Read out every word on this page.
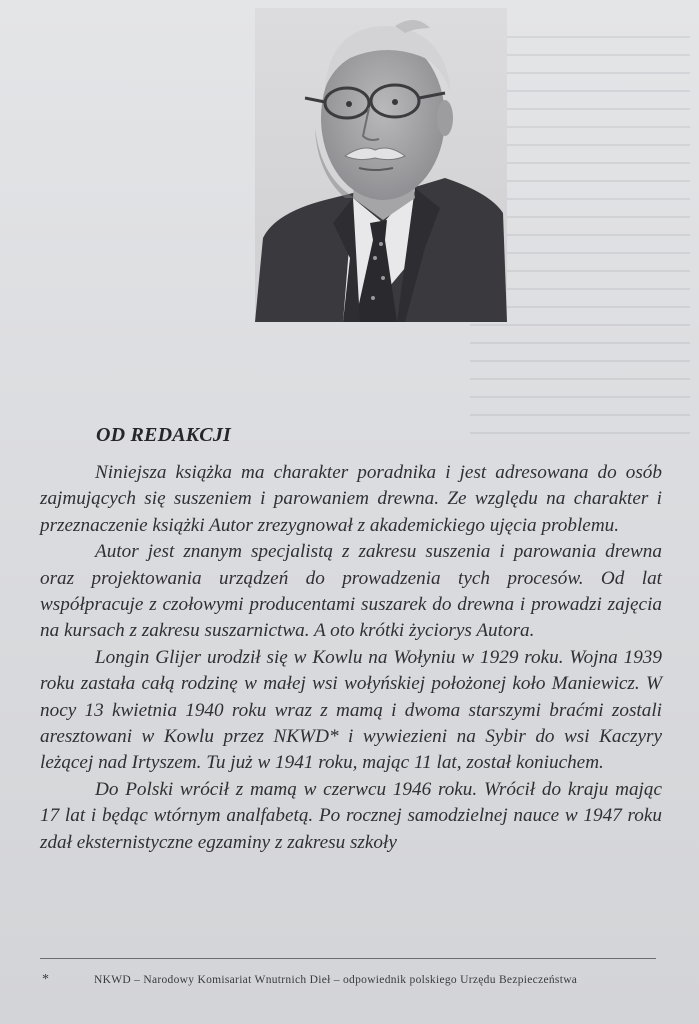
OD REDAKCJI

Niniejsza książka ma charakter poradnika i jest adresowana do osób zajmujących się suszeniem i parowaniem drewna. Ze względu na charakter i przeznaczenie książki Autor zrezygnował z akademickiego ujęcia problemu.

Autor jest znanym specjalistą z zakresu suszenia i parowania drewna oraz projektowania urządzeń do prowadzenia tych procesów. Od lat współpracuje z czołowymi producentami suszarek do drewna i prowadzi zajęcia na kursach z zakresu suszarnictwa. A oto krótki życiorys Autora.

Longin Glijer urodził się w Kowlu na Wołyniu w 1929 roku. Wojna 1939 roku zastała całą rodzinę w małej wsi wołyńskiej położonej koło Maniewicz. W nocy 13 kwietnia 1940 roku wraz z mamą i dwoma starszymi braćmi zostali aresztowani w Kowlu przez NKWD* i wywiezieni na Sybir do wsi Kaczyry leżącej nad Irtyszem. Tu już w 1941 roku, mając 11 lat, został koniuchem.

Do Polski wrócił z mamą w czerwcu 1946 roku. Wrócił do kraju mając 17 lat i będąc wtórnym analfabetą. Po rocznej samodzielnej nauce w 1947 roku zdał eksternistyczne egzaminy z zakresu szkoły

*	NKWD – Narodowy Komisariat Wnutrnich Dieł – odpowiednik polskiego Urzędu Bezpieczeństwa
